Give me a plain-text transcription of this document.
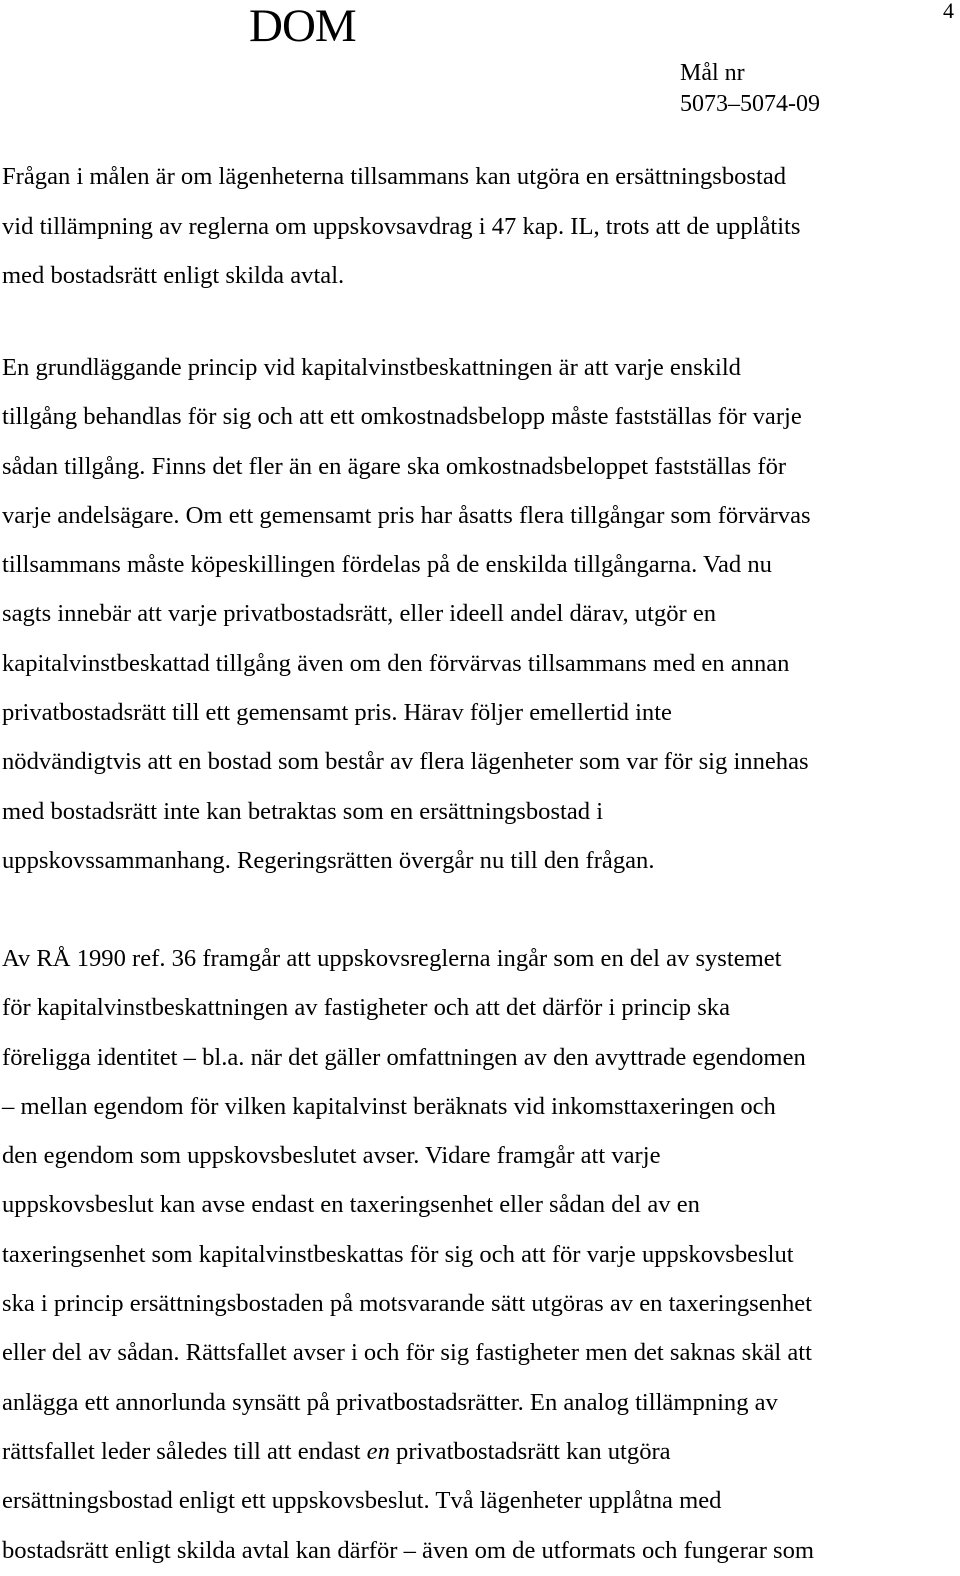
DOM	4
Mål nr
5073–5074-09

Frågan i målen är om lägenheterna tillsammans kan utgöra en ersättningsbostad
vid tillämpning av reglerna om uppskovsavdrag i 47 kap. IL, trots att de upplåtits
med bostadsrätt enligt skilda avtal.

En grundläggande princip vid kapitalvinstbeskattningen är att varje enskild
tillgång behandlas för sig och att ett omkostnadsbelopp måste fastställas för varje
sådan tillgång. Finns det fler än en ägare ska omkostnadsbeloppet fastställas för
varje andelsägare. Om ett gemensamt pris har åsatts flera tillgångar som förvärvas
tillsammans måste köpeskillingen fördelas på de enskilda tillgångarna. Vad nu
sagts innebär att varje privatbostadsrätt, eller ideell andel därav, utgör en
kapitalvinstbeskattad tillgång även om den förvärvas tillsammans med en annan
privatbostadsrätt till ett gemensamt pris. Härav följer emellertid inte
nödvändigtvis att en bostad som består av flera lägenheter som var för sig innehas
med bostadsrätt inte kan betraktas som en ersättningsbostad i
uppskovssammanhang. Regeringsrätten övergår nu till den frågan.

Av RÅ 1990 ref. 36 framgår att uppskovsreglerna ingår som en del av systemet
för kapitalvinstbeskattningen av fastigheter och att det därför i princip ska
föreligga identitet – bl.a. när det gäller omfattningen av den avyttrade egendomen
– mellan egendom för vilken kapitalvinst beräknats vid inkomsttaxeringen och
den egendom som uppskovsbeslutet avser. Vidare framgår att varje
uppskovsbeslut kan avse endast en taxeringsenhet eller sådan del av en
taxeringsenhet som kapitalvinstbeskattas för sig och att för varje uppskovsbeslut
ska i princip ersättningsbostaden på motsvarande sätt utgöras av en taxeringsenhet
eller del av sådan. Rättsfallet avser i och för sig fastigheter men det saknas skäl att
anlägga ett annorlunda synsätt på privatbostadsrätter. En analog tillämpning av
rättsfallet leder således till att endast en privatbostadsrätt kan utgöra
ersättningsbostad enligt ett uppskovsbeslut. Två lägenheter upplåtna med
bostadsrätt enligt skilda avtal kan därför – även om de utformats och fungerar som
